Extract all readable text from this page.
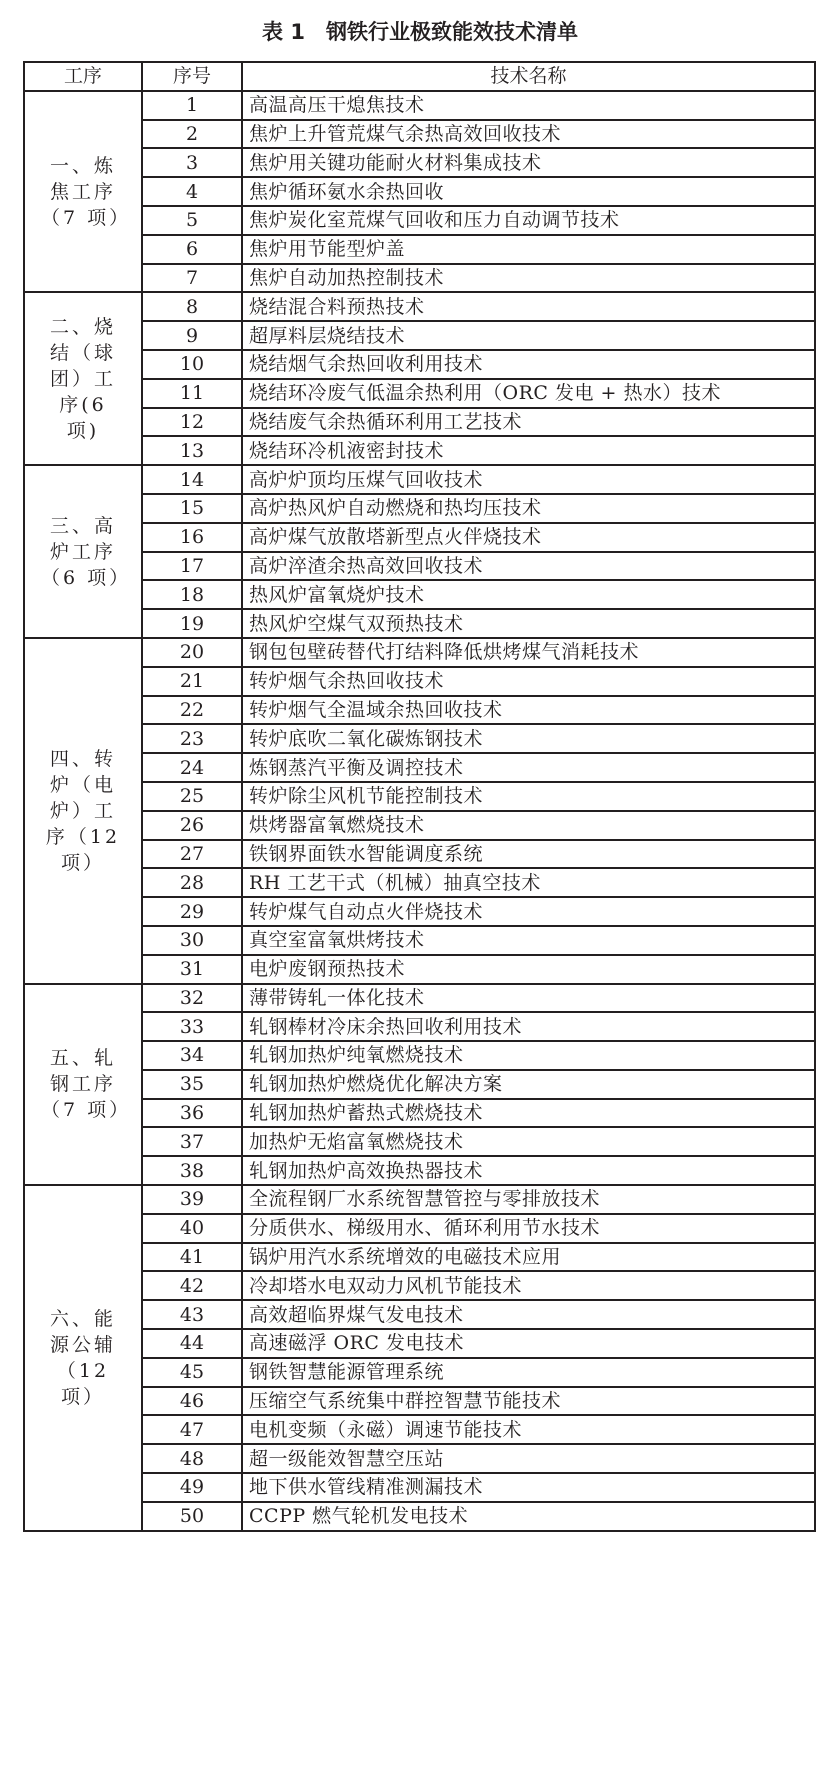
表 1　钢铁行业极致能效技术清单
工序	序号	技术名称
一、炼焦工序（7 项）	1	高温高压干熄焦技术
	2	焦炉上升管荒煤气余热高效回收技术
	3	焦炉用关键功能耐火材料集成技术
	4	焦炉循环氨水余热回收
	5	焦炉炭化室荒煤气回收和压力自动调节技术
	6	焦炉用节能型炉盖
	7	焦炉自动加热控制技术
二、烧结（球团）工序(6 项)	8	烧结混合料预热技术
	9	超厚料层烧结技术
	10	烧结烟气余热回收利用技术
	11	烧结环冷废气低温余热利用（ORC 发电 + 热水）技术
	12	烧结废气余热循环利用工艺技术
	13	烧结环冷机液密封技术
三、高炉工序（6 项）	14	高炉炉顶均压煤气回收技术
	15	高炉热风炉自动燃烧和热均压技术
	16	高炉煤气放散塔新型点火伴烧技术
	17	高炉淬渣余热高效回收技术
	18	热风炉富氧烧炉技术
	19	热风炉空煤气双预热技术
四、转炉（电炉）工序（12 项）	20	钢包包壁砖替代打结料降低烘烤煤气消耗技术
	21	转炉烟气余热回收技术
	22	转炉烟气全温域余热回收技术
	23	转炉底吹二氧化碳炼钢技术
	24	炼钢蒸汽平衡及调控技术
	25	转炉除尘风机节能控制技术
	26	烘烤器富氧燃烧技术
	27	铁钢界面铁水智能调度系统
	28	RH 工艺干式（机械）抽真空技术
	29	转炉煤气自动点火伴烧技术
	30	真空室富氧烘烤技术
	31	电炉废钢预热技术
五、轧钢工序（7 项）	32	薄带铸轧一体化技术
	33	轧钢棒材冷床余热回收利用技术
	34	轧钢加热炉纯氧燃烧技术
	35	轧钢加热炉燃烧优化解决方案
	36	轧钢加热炉蓄热式燃烧技术
	37	加热炉无焰富氧燃烧技术
	38	轧钢加热炉高效换热器技术
六、能源公辅（12 项）	39	全流程钢厂水系统智慧管控与零排放技术
	40	分质供水、梯级用水、循环利用节水技术
	41	锅炉用汽水系统增效的电磁技术应用
	42	冷却塔水电双动力风机节能技术
	43	高效超临界煤气发电技术
	44	高速磁浮 ORC 发电技术
	45	钢铁智慧能源管理系统
	46	压缩空气系统集中群控智慧节能技术
	47	电机变频（永磁）调速节能技术
	48	超一级能效智慧空压站
	49	地下供水管线精准测漏技术
	50	CCPP 燃气轮机发电技术
